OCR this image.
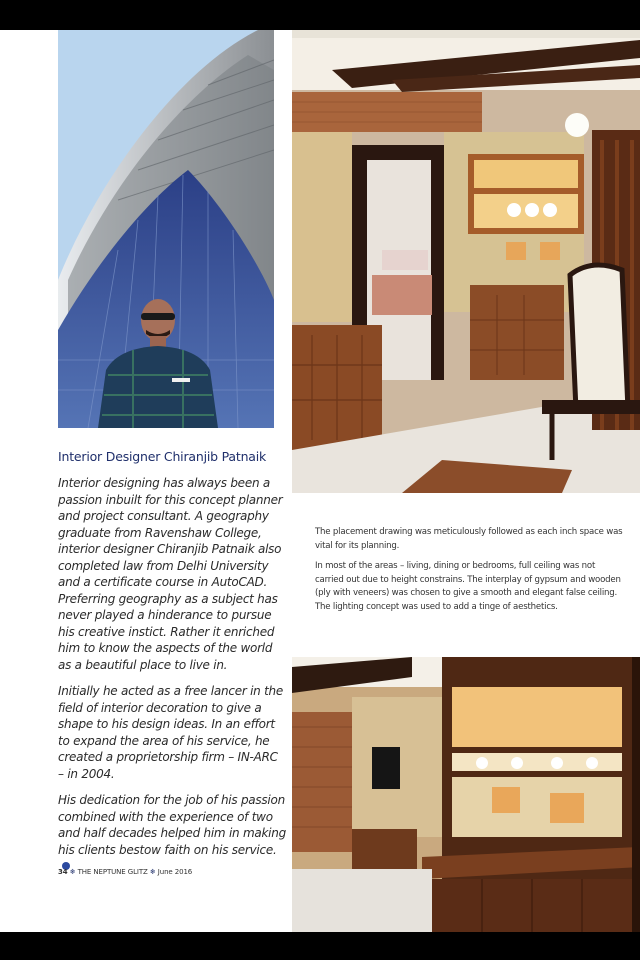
Interior Designer Chiranjib Patnaik

Interior designing has always been a passion inbuilt for this concept planner and project consultant. A geography graduate from Ravenshaw College, interior designer Chiranjib Patnaik also completed law from Delhi University and a certificate course in AutoCAD. Preferring geography as a subject has never played a hinderance to pursue his creative instict. Rather it enriched him to know the aspects of the world as a beautiful place to live in.

Initially he acted as a free lancer in the field of interior decoration to give a shape to his design ideas. In an effort to expand the area of his service, he created a proprietorship firm – IN-ARC – in 2004.

His dedication for the job of his passion combined with the experience of two and half decades helped him in making his clients bestow faith on his service.

The placement drawing was meticulously followed as each inch space was vital for its planning.

In most of the areas – living, dining or bedrooms, full ceiling was not carried out due to height constrains. The interplay of gypsum and wooden (ply with veneers) was chosen to give a smooth and elegant false ceiling. The lighting concept was used to add a tinge of aesthetics.

34 ❄ THE NEPTUNE GLITZ ❄ June 2016
